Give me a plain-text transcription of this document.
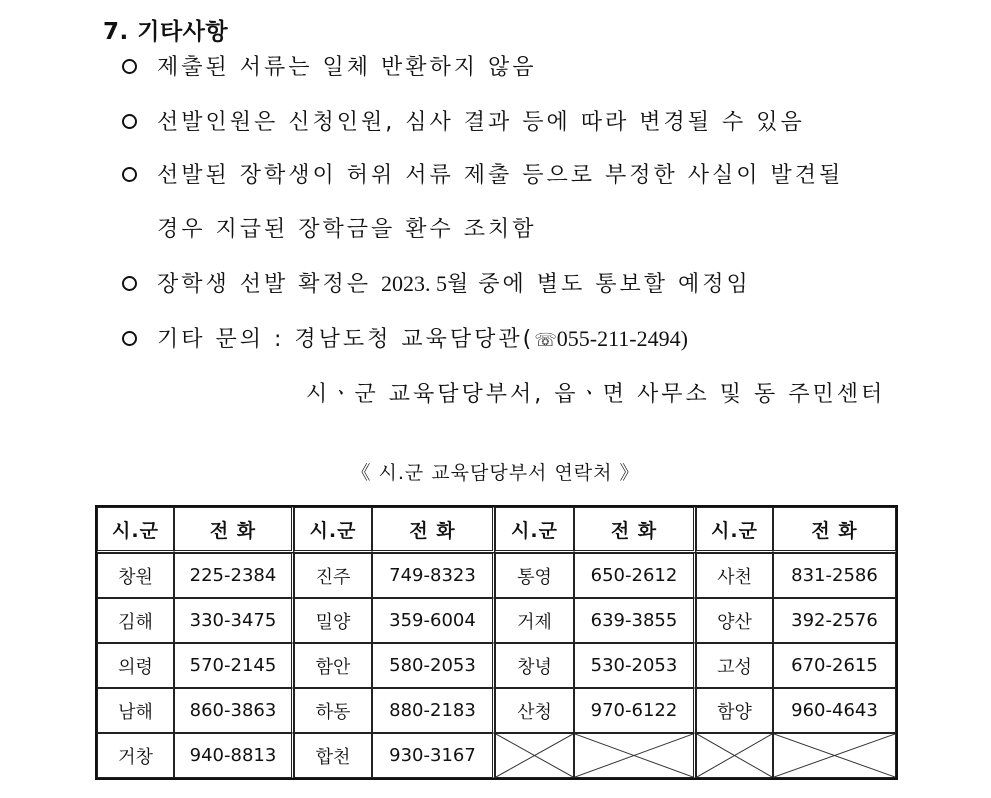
7. 기타사항
제출된 서류는 일체 반환하지 않음
선발인원은 신청인원, 심사 결과 등에 따라 변경될 수 있음
선발된 장학생이 허위 서류 제출 등으로 부정한 사실이 발견될
경우 지급된 장학금을 환수 조치함
장학생 선발 확정은 2023. 5월 중에 별도 통보할 예정임
기타 문의 : 경남도청 교육담당관(☏055-211-2494)
시ㆍ군 교육담당부서, 읍ㆍ면 사무소 및 동 주민센터
《 시.군 교육담당부서 연락처 》
시.군	전 화	시.군	전 화	시.군	전 화	시.군	전 화
창원	225-2384	진주	749-8323	통영	650-2612	사천	831-2586
김해	330-3475	밀양	359-6004	거제	639-3855	양산	392-2576
의령	570-2145	함안	580-2053	창녕	530-2053	고성	670-2615
남해	860-3863	하동	880-2183	산청	970-6122	함양	960-4643
거창	940-8813	합천	930-3167	
